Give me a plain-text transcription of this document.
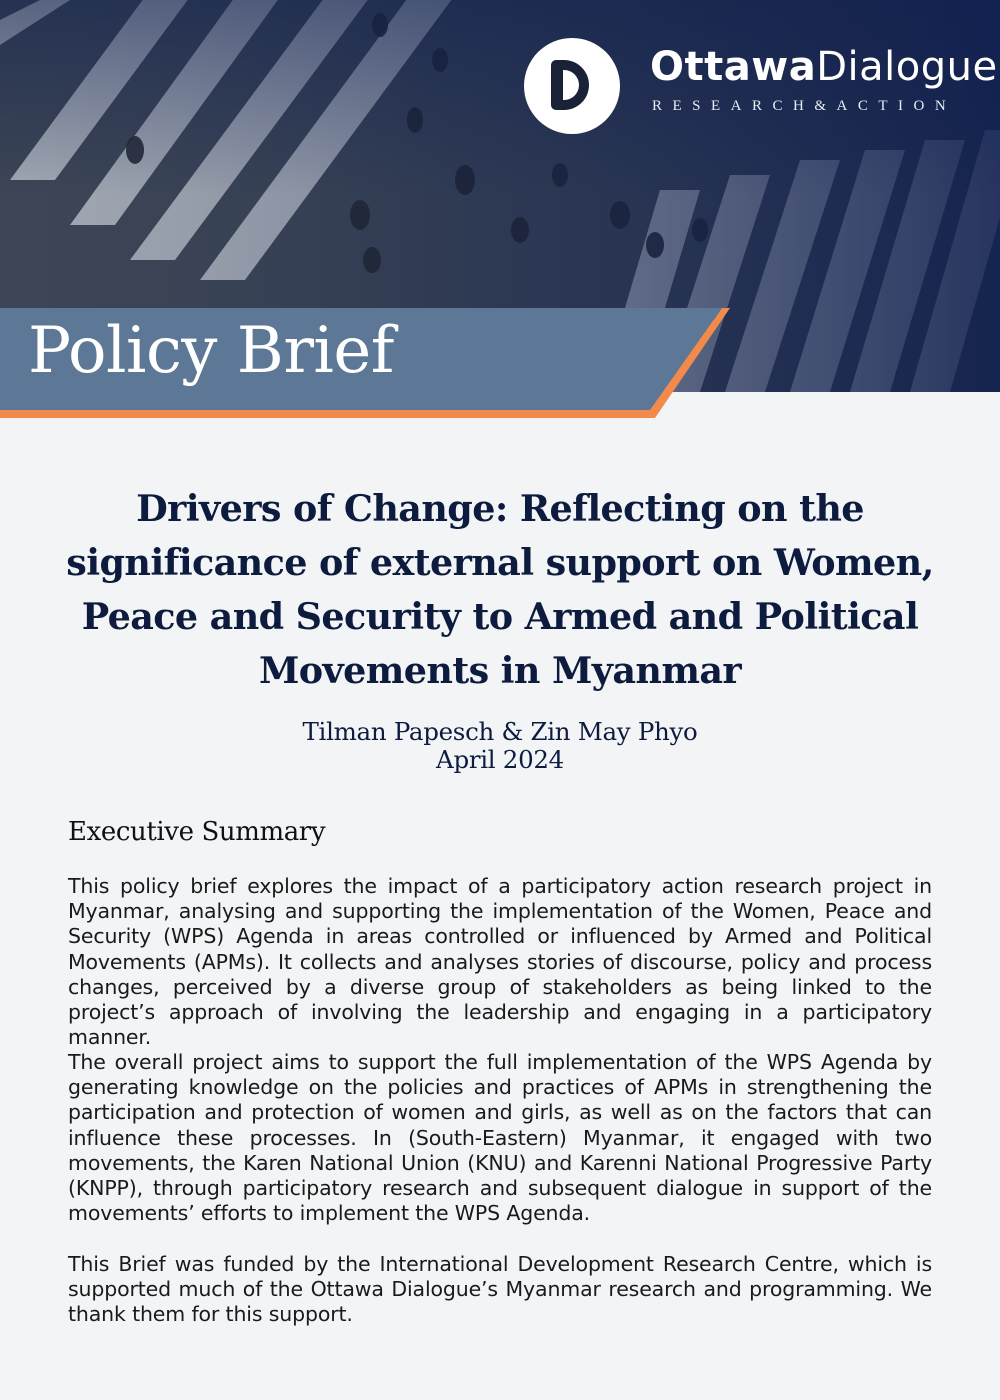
OttawaDialogue
RESEARCH&ACTION
Policy Brief
Drivers of Change: Reflecting on the significance of external support on Women, Peace and Security to Armed and Political Movements in Myanmar
Tilman Papesch & Zin May Phyo
April 2024
Executive Summary

This policy brief explores the impact of a participatory action research project in Myanmar, analysing and supporting the implementation of the Women, Peace and Security (WPS) Agenda in areas controlled or influenced by Armed and Political Movements (APMs). It collects and analyses stories of discourse, policy and process changes, perceived by a diverse group of stakeholders as being linked to the project’s approach of involving the leadership and engaging in a participatory manner.

The overall project aims to support the full implementation of the WPS Agenda by generating knowledge on the policies and practices of APMs in strengthening the participation and protection of women and girls, as well as on the factors that can influence these processes. In (South-Eastern) Myanmar, it engaged with two movements, the Karen National Union (KNU) and Karenni National Progressive Party (KNPP), through participatory research and subsequent dialogue in support of the movements’ efforts to implement the WPS Agenda.

This Brief was funded by the International Development Research Centre, which is supported much of the Ottawa Dialogue’s Myanmar research and programming. We thank them for this support.
